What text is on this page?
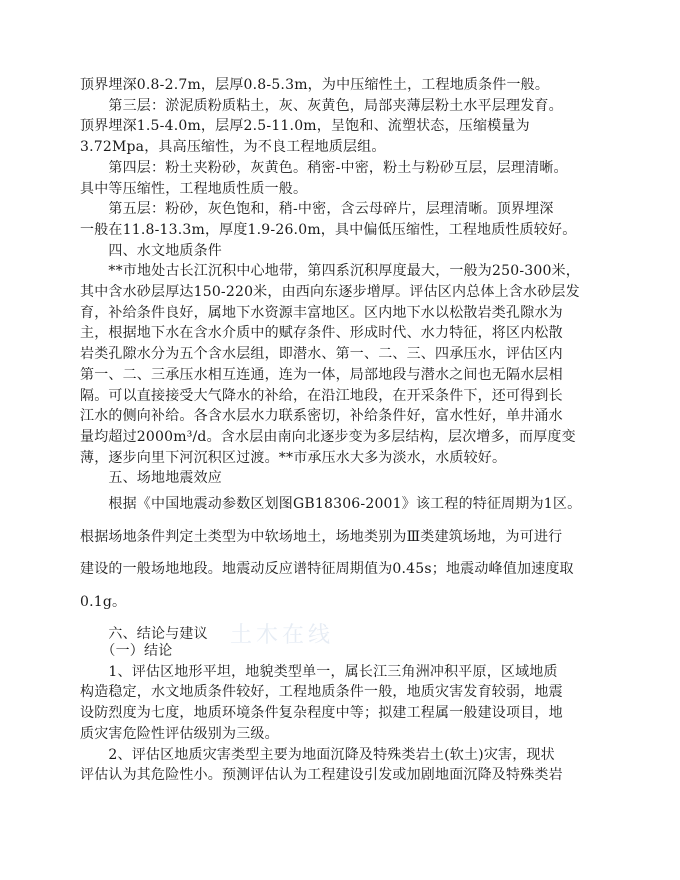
土木在线
顶界埋深0.8-2.7m，层厚0.8-5.3m，为中压缩性土，工程地质条件一般。
　　第三层：淤泥质粉质粘土，灰、灰黄色，局部夹薄层粉土水平层理发育。
顶界埋深1.5-4.0m，层厚2.5-11.0m，呈饱和、流塑状态，压缩模量为
3.72Mpa，具高压缩性，为不良工程地质层组。
　　第四层：粉土夹粉砂，灰黄色。稍密-中密，粉土与粉砂互层，层理清晰。
具中等压缩性，工程地质性质一般。
　　第五层：粉砂，灰色饱和，稍-中密，含云母碎片，层理清晰。顶界埋深
一般在11.8-13.3m，厚度1.9-26.0m，具中偏低压缩性，工程地质性质较好。
　　四、水文地质条件
　　**市地处古长江沉积中心地带，第四系沉积厚度最大，一般为250-300米，
其中含水砂层厚达150-220米，由西向东逐步增厚。评估区内总体上含水砂层发
育，补给条件良好，属地下水资源丰富地区。区内地下水以松散岩类孔隙水为
主，根据地下水在含水介质中的赋存条件、形成时代、水力特征，将区内松散
岩类孔隙水分为五个含水层组，即潜水、第一、二、三、四承压水，评估区内
第一、二、三承压水相互连通，连为一体，局部地段与潜水之间也无隔水层相
隔。可以直接接受大气降水的补给，在沿江地段，在开采条件下，还可得到长
江水的侧向补给。各含水层水力联系密切，补给条件好，富水性好，单井涌水
量均超过2000m³/d。含水层由南向北逐步变为多层结构，层次增多，而厚度变
薄，逐步向里下河沉积区过渡。**市承压水大多为淡水，水质较好。
　　五、场地地震效应
　　根据《中国地震动参数区划图GB18306-2001》该工程的特征周期为1区。
根据场地条件判定土类型为中软场地土，场地类别为Ⅲ类建筑场地，为可进行
建设的一般场地地段。地震动反应谱特征周期值为0.45s；地震动峰值加速度取
0.1g。
　　六、结论与建议
　　（一）结论
　　1、评估区地形平坦，地貌类型单一，属长江三角洲冲积平原，区域地质
构造稳定，水文地质条件较好，工程地质条件一般，地质灾害发育较弱，地震
设防烈度为七度，地质环境条件复杂程度中等；拟建工程属一般建设项目，地
质灾害危险性评估级别为三级。
　　2、评估区地质灾害类型主要为地面沉降及特殊类岩土(软土)灾害，现状
评估认为其危险性小。预测评估认为工程建设引发或加剧地面沉降及特殊类岩
